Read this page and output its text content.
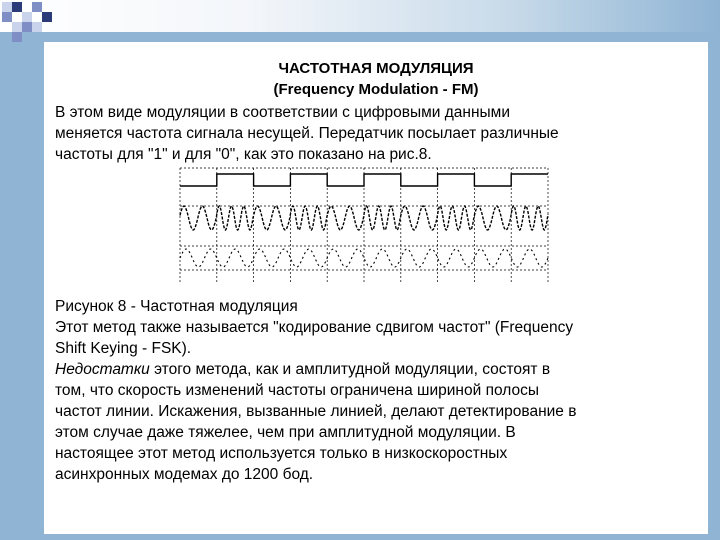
ЧАСТОТНАЯ МОДУЛЯЦИЯ

(Frequency Modulation - FM)

В этом виде модуляции в соответствии с цифровыми данными
меняется частота сигнала несущей. Передатчик посылает различные
частоты для "1" и для "0", как это показано на рис.8.
Рисунок 8 - Частотная модуляция
Этот метод также называется "кодирование сдвигом частот" (Frequency
Shift Keying - FSK).
Недостатки этого метода, как и амплитудной модуляции, состоят в
том, что скорость изменений частоты ограничена шириной полосы
частот линии. Искажения, вызванные линией, делают детектирование в
этом случае даже тяжелее, чем при амплитудной модуляции. В
настоящее этот метод используется только в низкоскоростных
асинхронных модемах до 1200 бод.
